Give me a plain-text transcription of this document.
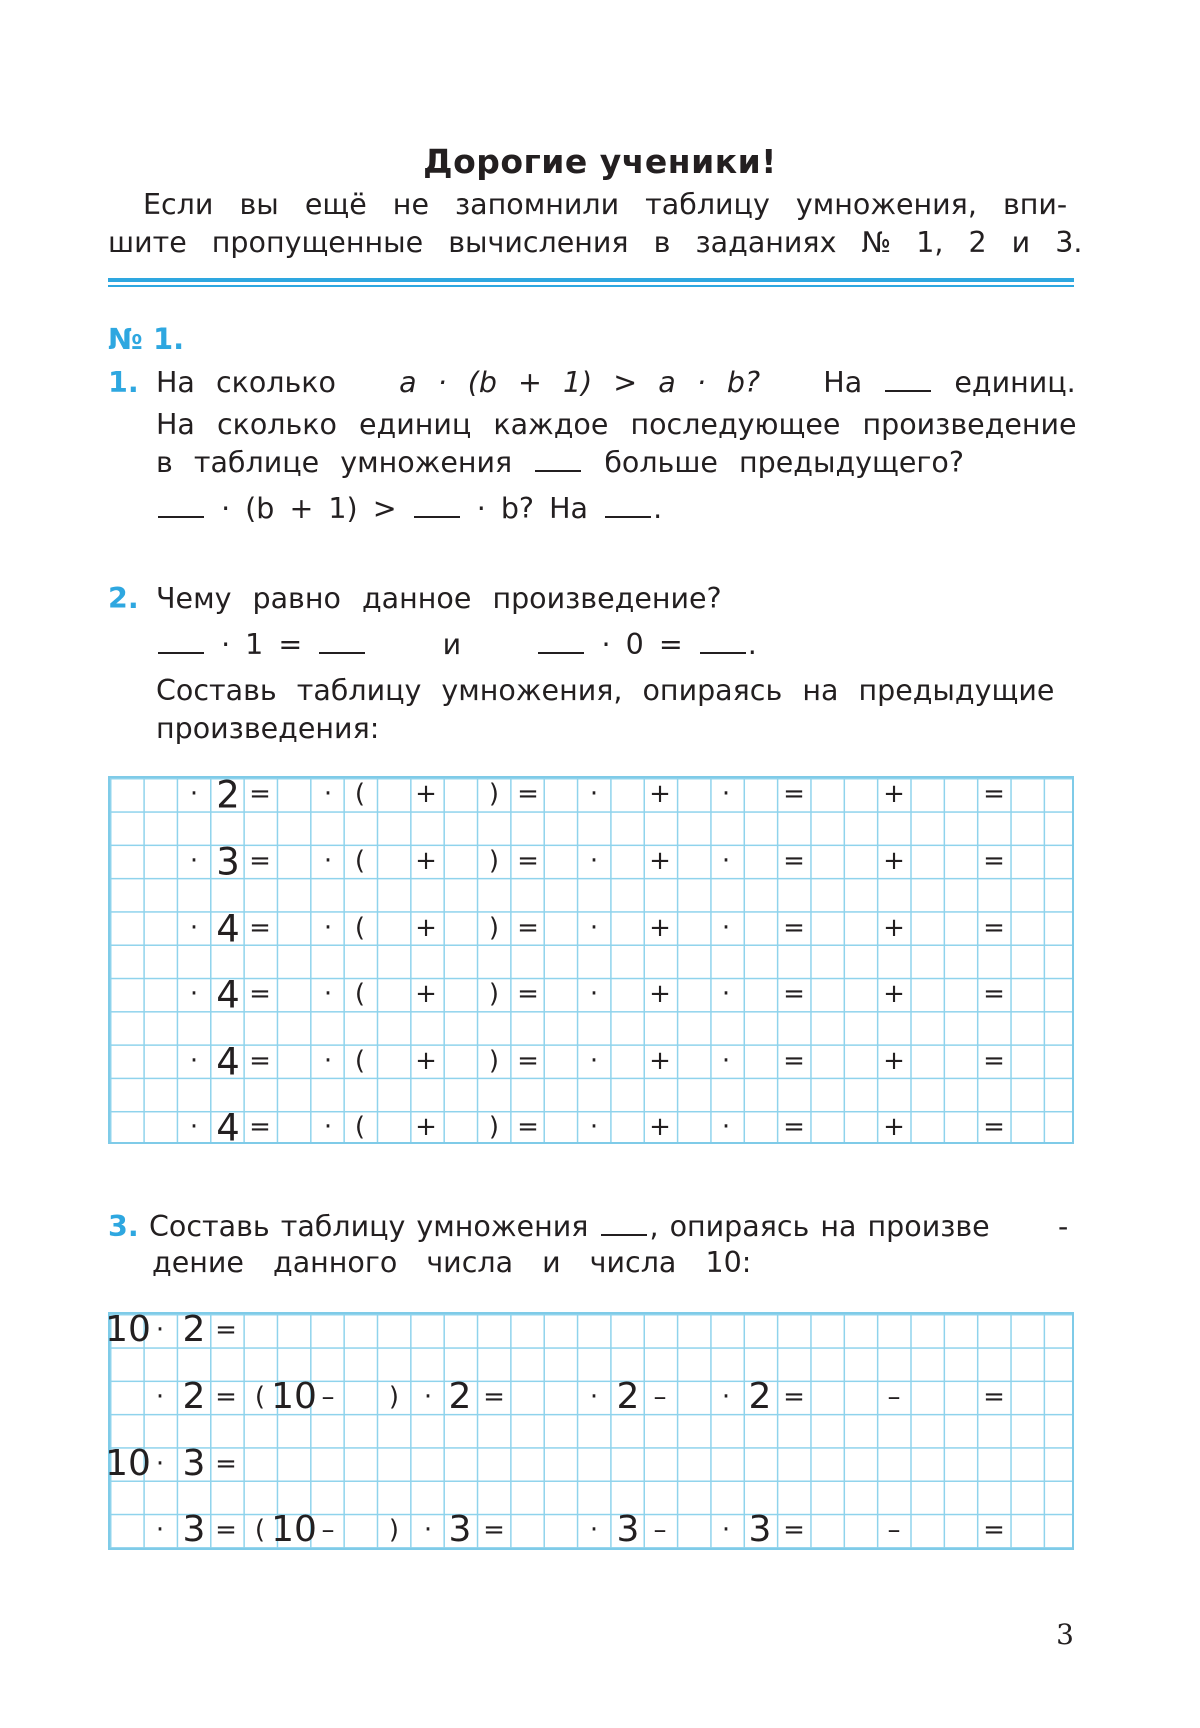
Дорогие ученики!
Если вы ещё не запомнили таблицу умножения, впи-
шите пропущенные вычисления в заданиях № 1, 2 и 3.
№ 1.
1. На сколько a · (b + 1) > a · b? На	единиц.
На сколько единиц каждое последующее произведение
в таблице умножения	больше предыдущего?
· (b + 1) >	· b? На .
2. Чему равно данное произведение?
· 1 =	и	· 0 = .
Составь таблицу умножения, опираясь на предыдущие
произведения:
· 2 = · ( + ) = · + · =	+	=
· 3 = · ( + ) = · + · =	+	=
· 4 = · ( + ) = · + · =	+	=
· 4 = · ( + ) = · + · =	+	=
· 4 = · ( + ) = · + · =	+	=
· 4 = · ( + ) = · + · =	+	=
3. Составь таблицу умножения , опираясь на произве -
дение данного числа и числа 10:
10 · 2 =
· 2 = ( 10 – ) · 2 =	· 2 – · 2 =	–	=
10 · 3 =
· 3 = ( 10 – ) · 3 =	· 3 – · 3 =	–	=
3
